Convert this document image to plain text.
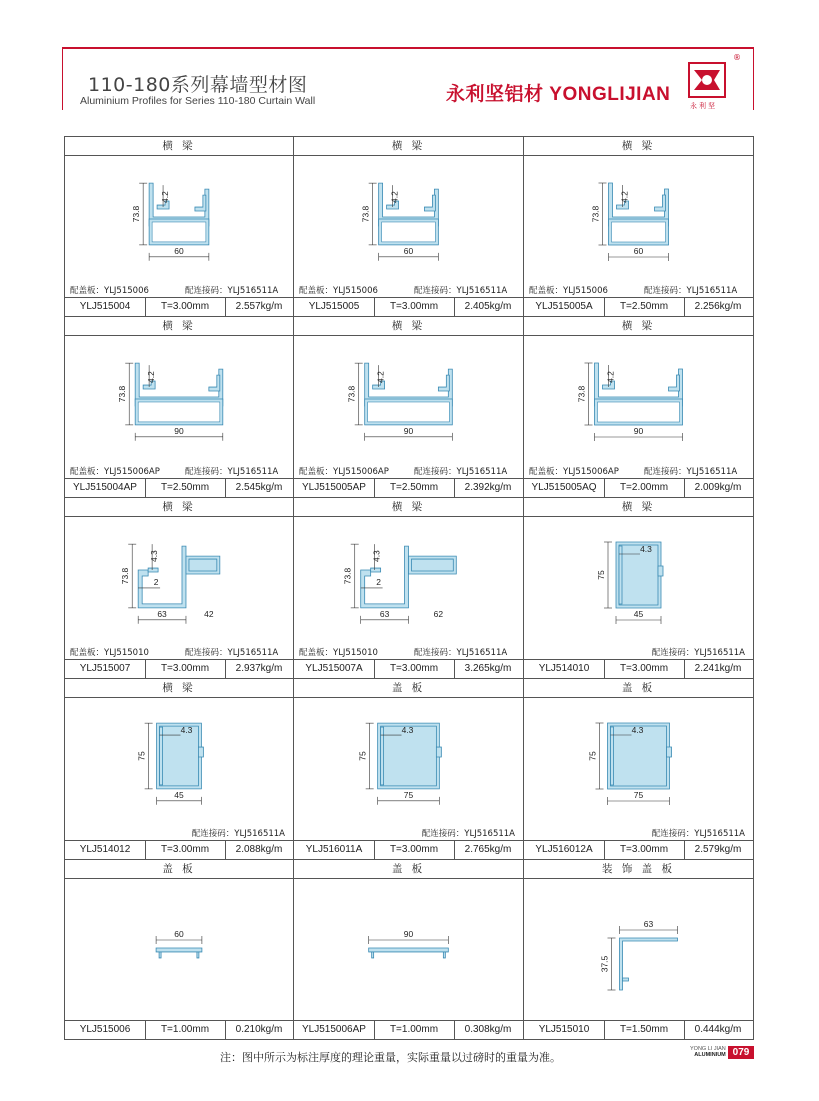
110-180系列幕墙型材图
Aluminium Profiles for Series 110-180 Curtain Wall	永利坚铝材 YONGLIJIAN
永利坚
®
横 梁
73.8
4.2
60
配盖板：YLJ515006	配连接码：YLJ516511A
YLJ515004	T=3.00mm	2.557kg/m
横 梁
73.8
4.2
60
配盖板：YLJ515006	配连接码：YLJ516511A
YLJ515005	T=3.00mm	2.405kg/m
横 梁
73.8
4.2
60
配盖板：YLJ515006	配连接码：YLJ516511A
YLJ515005A	T=2.50mm	2.256kg/m
横 梁
73.8
4.2
90
配盖板：YLJ515006AP	配连接码：YLJ516511A
YLJ515004AP	T=2.50mm	2.545kg/m
横 梁
73.8
4.2
90
配盖板：YLJ515006AP	配连接码：YLJ516511A
YLJ515005AP	T=2.50mm	2.392kg/m
横 梁
73.8
4.2
90
配盖板：YLJ515006AP	配连接码：YLJ516511A
YLJ515005AQ	T=2.00mm	2.009kg/m
横 梁
73.8
4.3
2
63	42
配盖板：YLJ515010	配连接码：YLJ516511A
YLJ515007	T=3.00mm	2.937kg/m
横 梁
73.8
4.3
2
63	62
配盖板：YLJ515010	配连接码：YLJ516511A
YLJ515007A	T=3.00mm	3.265kg/m
横 梁
75
4.3
45
配连接码：YLJ516511A
YLJ514010	T=3.00mm	2.241kg/m
横 梁
75
4.3
45
配连接码：YLJ516511A
YLJ514012	T=3.00mm	2.088kg/m
盖 板
75
4.3
75
配连接码：YLJ516511A
YLJ516011A	T=3.00mm	2.765kg/m
盖 板
75
4.3
75
配连接码：YLJ516511A
YLJ516012A	T=3.00mm	2.579kg/m
盖 板
60
YLJ515006	T=1.00mm	0.210kg/m
盖 板
90
YLJ515006AP	T=1.00mm	0.308kg/m
装 饰 盖 板
63
37.5
YLJ515010	T=1.50mm	0.444kg/m
注：图中所示为标注厚度的理论重量，实际重量以过磅时的重量为准。
YONG LI JIAN
ALUMINIUM 079
